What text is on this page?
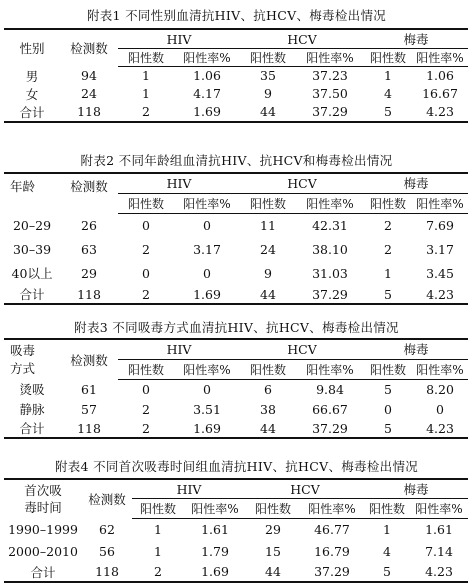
附表1 不同性别血清抗HIV、抗HCV、梅毒检出情况
性别	检测数	HIV		HCV		梅毒	
		阳性数	阳性率%	阳性数	阳性率%	阳性数	阳性率%
男	94	1	1.06	35	37.23	1	1.06
女	24	1	4.17	9	37.50	4	16.67
合计	118	2	1.69	44	37.29	5	4.23
附表2 不同年龄组血清抗HIV、抗HCV和梅毒检出情况
年龄	检测数	HIV		HCV		梅毒	
		阳性数	阳性率%	阳性数	阳性率%	阳性数	阳性率%
20–29	26	0	0	11	42.31	2	7.69
30–39	63	2	3.17	24	38.10	2	3.17
40以上	29	0	0	9	31.03	1	3.45
合计	118	2	1.69	44	37.29	5	4.23
附表3 不同吸毒方式血清抗HIV、抗HCV、梅毒检出情况
吸毒
方式	检测数	HIV		HCV		梅毒	
		阳性数	阳性率%	阳性数	阳性率%	阳性数	阳性率%
烫吸	61	0	0	6	9.84	5	8.20
静脉	57	2	3.51	38	66.67	0	0
合计	118	2	1.69	44	37.29	5	4.23
附表4 不同首次吸毒时间组血清抗HIV、抗HCV、梅毒检出情况
首次吸
毒时间	检测数	HIV		HCV		梅毒	
		阳性数	阳性率%	阳性数	阳性率%	阳性数	阳性率%
1990–1999	62	1	1.61	29	46.77	1	1.61
2000–2010	56	1	1.79	15	16.79	4	7.14
合计	118	2	1.69	44	37.29	5	4.23
